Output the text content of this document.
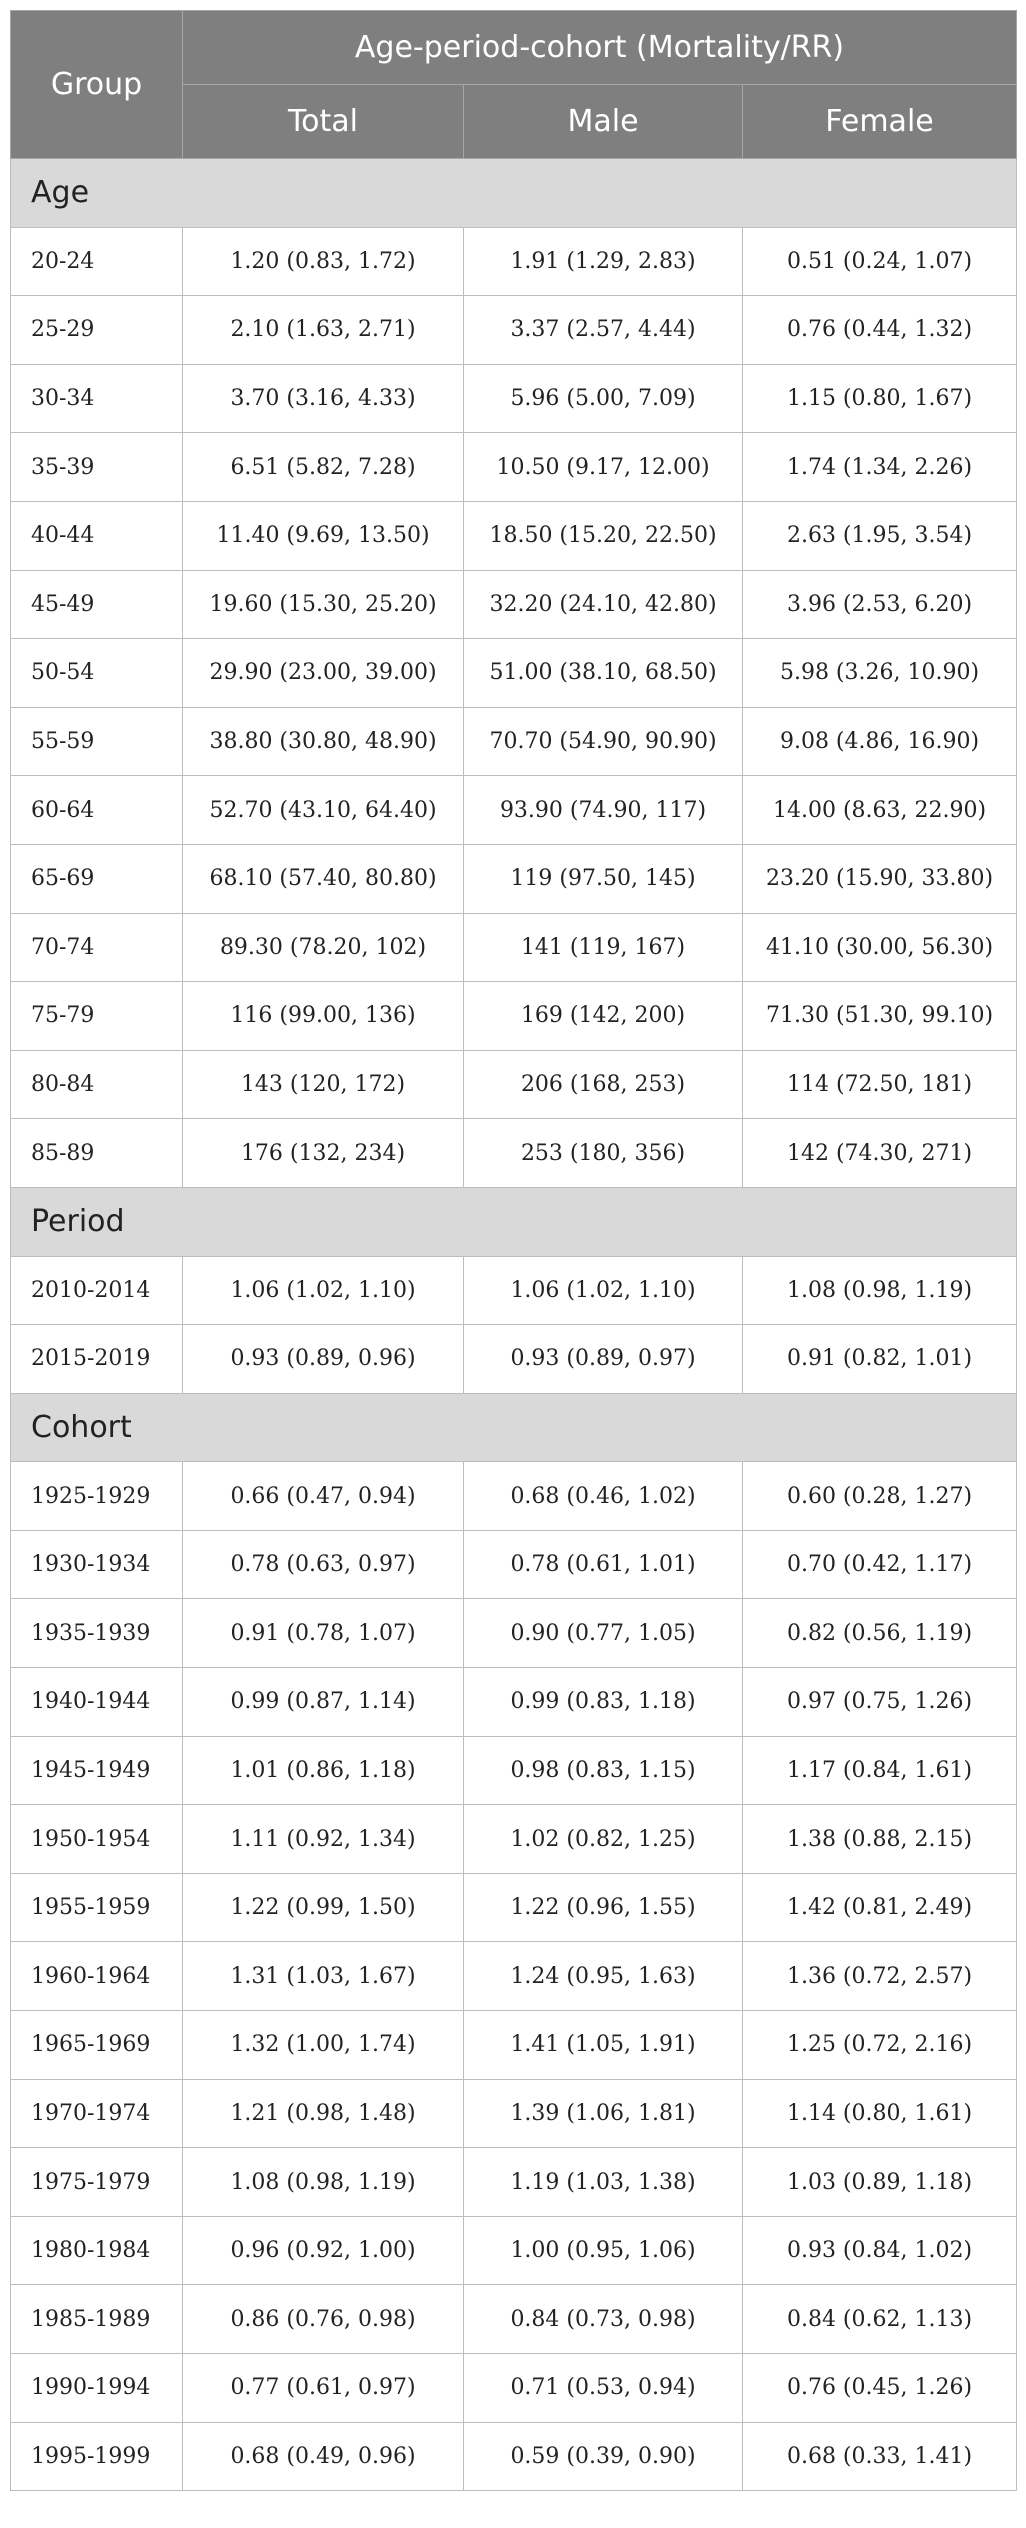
Group	Age-period-cohort (Mortality/RR)		
	Total	Male	Female
Age			
20-24	1.20 (0.83, 1.72)	1.91 (1.29, 2.83)	0.51 (0.24, 1.07)
25-29	2.10 (1.63, 2.71)	3.37 (2.57, 4.44)	0.76 (0.44, 1.32)
30-34	3.70 (3.16, 4.33)	5.96 (5.00, 7.09)	1.15 (0.80, 1.67)
35-39	6.51 (5.82, 7.28)	10.50 (9.17, 12.00)	1.74 (1.34, 2.26)
40-44	11.40 (9.69, 13.50)	18.50 (15.20, 22.50)	2.63 (1.95, 3.54)
45-49	19.60 (15.30, 25.20)	32.20 (24.10, 42.80)	3.96 (2.53, 6.20)
50-54	29.90 (23.00, 39.00)	51.00 (38.10, 68.50)	5.98 (3.26, 10.90)
55-59	38.80 (30.80, 48.90)	70.70 (54.90, 90.90)	9.08 (4.86, 16.90)
60-64	52.70 (43.10, 64.40)	93.90 (74.90, 117)	14.00 (8.63, 22.90)
65-69	68.10 (57.40, 80.80)	119 (97.50, 145)	23.20 (15.90, 33.80)
70-74	89.30 (78.20, 102)	141 (119, 167)	41.10 (30.00, 56.30)
75-79	116 (99.00, 136)	169 (142, 200)	71.30 (51.30, 99.10)
80-84	143 (120, 172)	206 (168, 253)	114 (72.50, 181)
85-89	176 (132, 234)	253 (180, 356)	142 (74.30, 271)
Period			
2010-2014	1.06 (1.02, 1.10)	1.06 (1.02, 1.10)	1.08 (0.98, 1.19)
2015-2019	0.93 (0.89, 0.96)	0.93 (0.89, 0.97)	0.91 (0.82, 1.01)
Cohort			
1925-1929	0.66 (0.47, 0.94)	0.68 (0.46, 1.02)	0.60 (0.28, 1.27)
1930-1934	0.78 (0.63, 0.97)	0.78 (0.61, 1.01)	0.70 (0.42, 1.17)
1935-1939	0.91 (0.78, 1.07)	0.90 (0.77, 1.05)	0.82 (0.56, 1.19)
1940-1944	0.99 (0.87, 1.14)	0.99 (0.83, 1.18)	0.97 (0.75, 1.26)
1945-1949	1.01 (0.86, 1.18)	0.98 (0.83, 1.15)	1.17 (0.84, 1.61)
1950-1954	1.11 (0.92, 1.34)	1.02 (0.82, 1.25)	1.38 (0.88, 2.15)
1955-1959	1.22 (0.99, 1.50)	1.22 (0.96, 1.55)	1.42 (0.81, 2.49)
1960-1964	1.31 (1.03, 1.67)	1.24 (0.95, 1.63)	1.36 (0.72, 2.57)
1965-1969	1.32 (1.00, 1.74)	1.41 (1.05, 1.91)	1.25 (0.72, 2.16)
1970-1974	1.21 (0.98, 1.48)	1.39 (1.06, 1.81)	1.14 (0.80, 1.61)
1975-1979	1.08 (0.98, 1.19)	1.19 (1.03, 1.38)	1.03 (0.89, 1.18)
1980-1984	0.96 (0.92, 1.00)	1.00 (0.95, 1.06)	0.93 (0.84, 1.02)
1985-1989	0.86 (0.76, 0.98)	0.84 (0.73, 0.98)	0.84 (0.62, 1.13)
1990-1994	0.77 (0.61, 0.97)	0.71 (0.53, 0.94)	0.76 (0.45, 1.26)
1995-1999	0.68 (0.49, 0.96)	0.59 (0.39, 0.90)	0.68 (0.33, 1.41)
